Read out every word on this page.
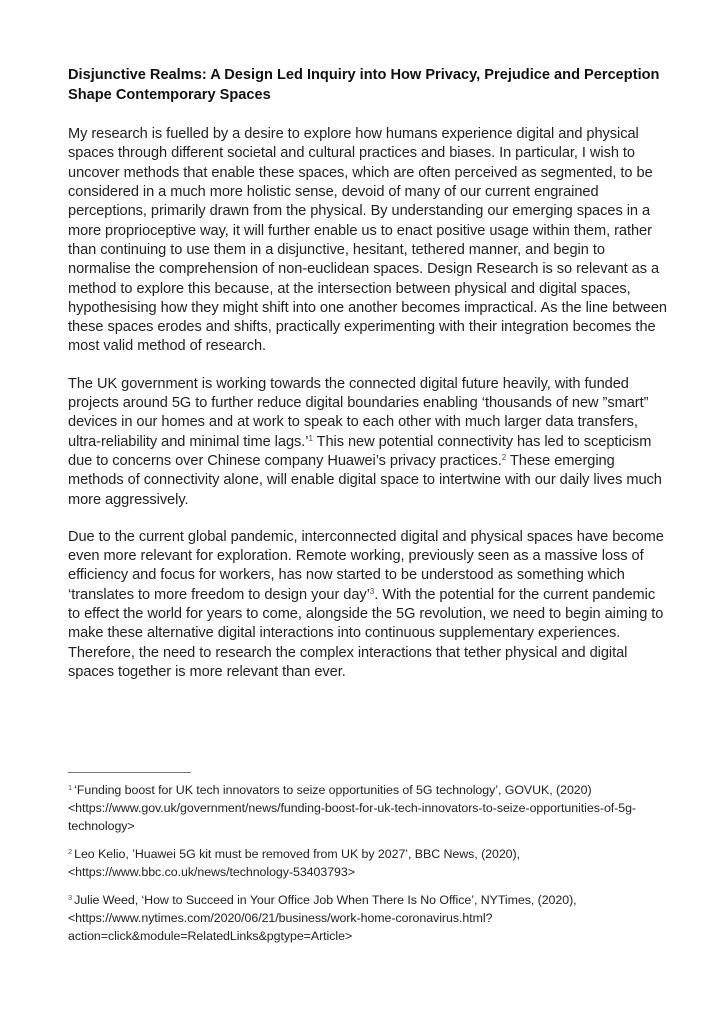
Disjunctive Realms: A Design Led Inquiry into How Privacy, Prejudice and Perception Shape Contemporary Spaces

My research is fuelled by a desire to explore how humans experience digital and physical spaces through different societal and cultural practices and biases. In particular, I wish to uncover methods that enable these spaces, which are often perceived as segmented, to be considered in a much more holistic sense, devoid of many of our current engrained perceptions, primarily drawn from the physical. By understanding our emerging spaces in a more proprioceptive way, it will further enable us to enact positive usage within them, rather than continuing to use them in a disjunctive, hesitant, tethered manner, and begin to normalise the comprehension of non-euclidean spaces. Design Research is so relevant as a method to explore this because, at the intersection between physical and digital spaces, hypothesising how they might shift into one another becomes impractical. As the line between these spaces erodes and shifts, practically experimenting with their integration becomes the most valid method of research.

The UK government is working towards the connected digital future heavily, with funded projects around 5G to further reduce digital boundaries enabling ‘thousands of new ”smart” devices in our homes and at work to speak to each other with much larger data transfers, ultra-reliability and minimal time lags.’$^1$ This new potential connectivity has led to scepticism due to concerns over Chinese company Huawei’s privacy practices.$^2$ These emerging methods of connectivity alone, will enable digital space to intertwine with our daily lives much more aggressively.

Due to the current global pandemic, interconnected digital and physical spaces have become even more relevant for exploration. Remote working, previously seen as a massive loss of efficiency and focus for workers, has now started to be understood as something which ‘translates to more freedom to design your day’$^3$. With the potential for the current pandemic to effect the world for years to come, alongside the 5G revolution, we need to begin aiming to make these alternative digital interactions into continuous supplementary experiences. Therefore, the need to research the complex interactions that tether physical and digital spaces together is more relevant than ever.

$^1$ ‘Funding boost for UK tech innovators to seize opportunities of 5G technology’, GOVUK, (2020) <https://www.gov.uk/government/news/funding-boost-for-uk-tech-innovators-to-seize-opportunities-of-5g-technology>

$^2$ Leo Kelio, ’Huawei 5G kit must be removed from UK by 2027’, BBC News, (2020), <https://www.bbc.co.uk/news/technology-53403793>

$^3$ Julie Weed, ‘How to Succeed in Your Office Job When There Is No Office’, NYTimes, (2020), <https://www.nytimes.com/2020/06/21/business/work-home-coronavirus.html?action=click&module=RelatedLinks&pgtype=Article>
